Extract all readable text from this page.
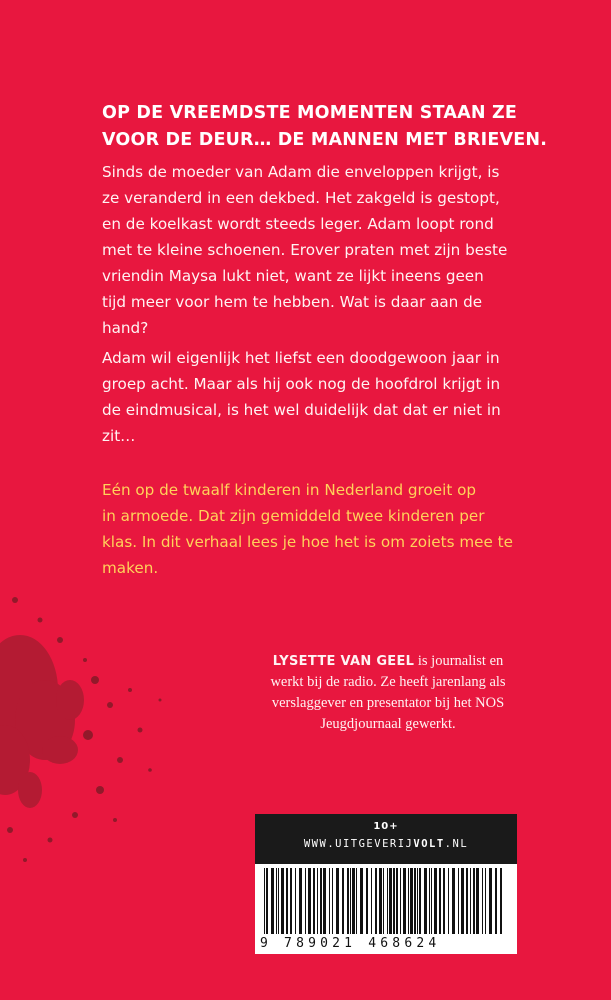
OP DE VREEMDSTE MOMENTEN STAAN ZE
VOOR DE DEUR… DE MANNEN MET BRIEVEN.
Sinds de moeder van Adam die enveloppen krijgt, is
ze veranderd in een dekbed. Het zakgeld is gestopt,
en de koelkast wordt steeds leger. Adam loopt rond
met te kleine schoenen. Erover praten met zijn beste
vriendin Maysa lukt niet, want ze lijkt ineens geen
tijd meer voor hem te hebben. Wat is daar aan de
hand?
Adam wil eigenlijk het liefst een doodgewoon jaar in
groep acht. Maar als hij ook nog de hoofdrol krijgt in
de eindmusical, is het wel duidelijk dat dat er niet in
zit…
Eén op de twaalf kinderen in Nederland groeit op
in armoede. Dat zijn gemiddeld twee kinderen per
klas. In dit verhaal lees je hoe het is om zoiets mee te
maken.
LYSETTE VAN GEEL is journalist en
werkt bij de radio. Ze heeft jarenlang als
verslaggever en presentator bij het NOS
Jeugdjournaal gewerkt.
10+
WWW.UITGEVERIJVOLT.NL
9 789021 468624
